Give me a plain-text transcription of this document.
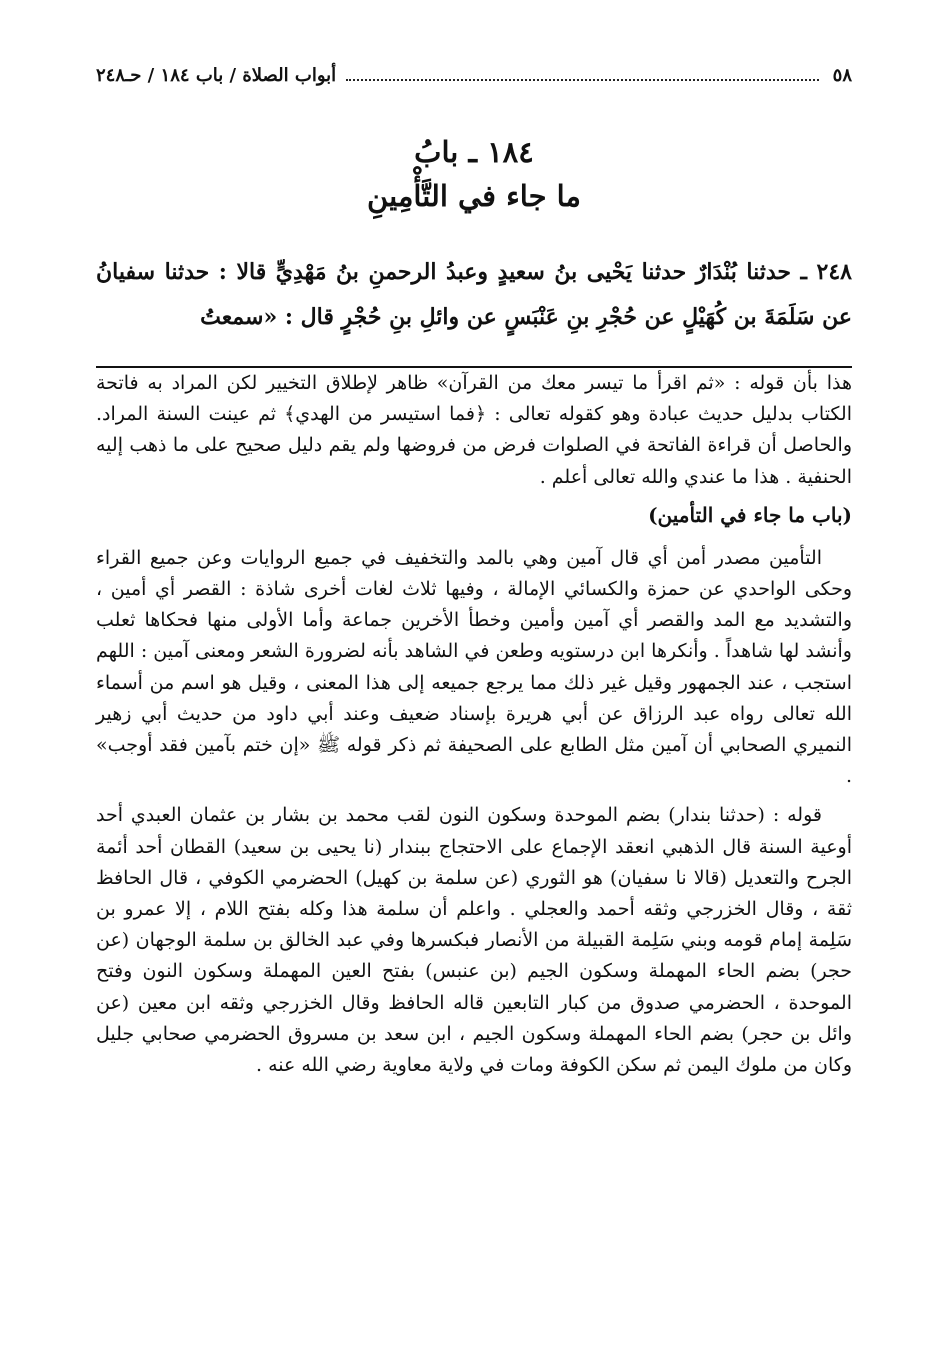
٥٨
أبواب الصلاة / باب ١٨٤ / حـ٢٤٨
١٨٤ ـ بابُ
ما جاء في التَّأْمِينِ
٢٤٨ ـ حدثنا بُنْدَارٌ حدثنا يَحْيى بنُ سعيدٍ وعبدُ الرحمنِ بنُ مَهْدِيٍّ قالا : حدثنا سفيانُ عن سَلَمَةَ بن كُهَيْلٍ عن حُجْرِ بنِ عَنْبَسٍ عن وائلِ بنِ حُجْرٍ قال : «سمعتُ

هذا بأن قوله : «ثم اقرأ ما تيسر معك من القرآن» ظاهر لإطلاق التخيير لكن المراد به فاتحة الكتاب بدليل حديث عبادة وهو كقوله تعالى : ﴿فما استيسر من الهدي﴾ ثم عينت السنة المراد. والحاصل أن قراءة الفاتحة في الصلوات فرض من فروضها ولم يقم دليل صحيح على ما ذهب إليه الحنفية . هذا ما عندي والله تعالى أعلم .

(باب ما جاء في التأمين)

التأمين مصدر أمن أي قال آمين وهي بالمد والتخفيف في جميع الروايات وعن جميع القراء وحكى الواحدي عن حمزة والكسائي الإمالة ، وفيها ثلاث لغات أخرى شاذة : القصر أي أمين ، والتشديد مع المد والقصر أي آمين وأمين وخطأ الأخرين جماعة وأما الأولى منها فحكاها ثعلب وأنشد لها شاهداً . وأنكرها ابن درستويه وطعن في الشاهد بأنه لضرورة الشعر ومعنى آمين : اللهم استجب ، عند الجمهور وقيل غير ذلك مما يرجع جميعه إلى هذا المعنى ، وقيل هو اسم من أسماء الله تعالى رواه عبد الرزاق عن أبي هريرة بإسناد ضعيف وعند أبي داود من حديث أبي زهير النميري الصحابي أن آمين مثل الطابع على الصحيفة ثم ذكر قوله ﷺ «إن ختم بآمين فقد أوجب» .

قوله : (حدثنا بندار) بضم الموحدة وسكون النون لقب محمد بن بشار بن عثمان العبدي أحد أوعية السنة قال الذهبي انعقد الإجماع على الاحتجاج ببندار (نا يحيى بن سعيد) القطان أحد أئمة الجرح والتعديل (قالا نا سفيان) هو الثوري (عن سلمة بن كهيل) الحضرمي الكوفي ، قال الحافظ ثقة ، وقال الخزرجي وثقه أحمد والعجلي . واعلم أن سلمة هذا وكله بفتح اللام ، إلا عمرو بن سَلِمة إمام قومه وبني سَلِمة القبيلة من الأنصار فبكسرها وفي عبد الخالق بن سلمة الوجهان (عن حجر) بضم الحاء المهملة وسكون الجيم (بن عنبس) بفتح العين المهملة وسكون النون وفتح الموحدة ، الحضرمي صدوق من كبار التابعين قاله الحافظ وقال الخزرجي وثقه ابن معين (عن وائل بن حجر) بضم الحاء المهملة وسكون الجيم ، ابن سعد بن مسروق الحضرمي صحابي جليل وكان من ملوك اليمن ثم سكن الكوفة ومات في ولاية معاوية رضي الله عنه .
